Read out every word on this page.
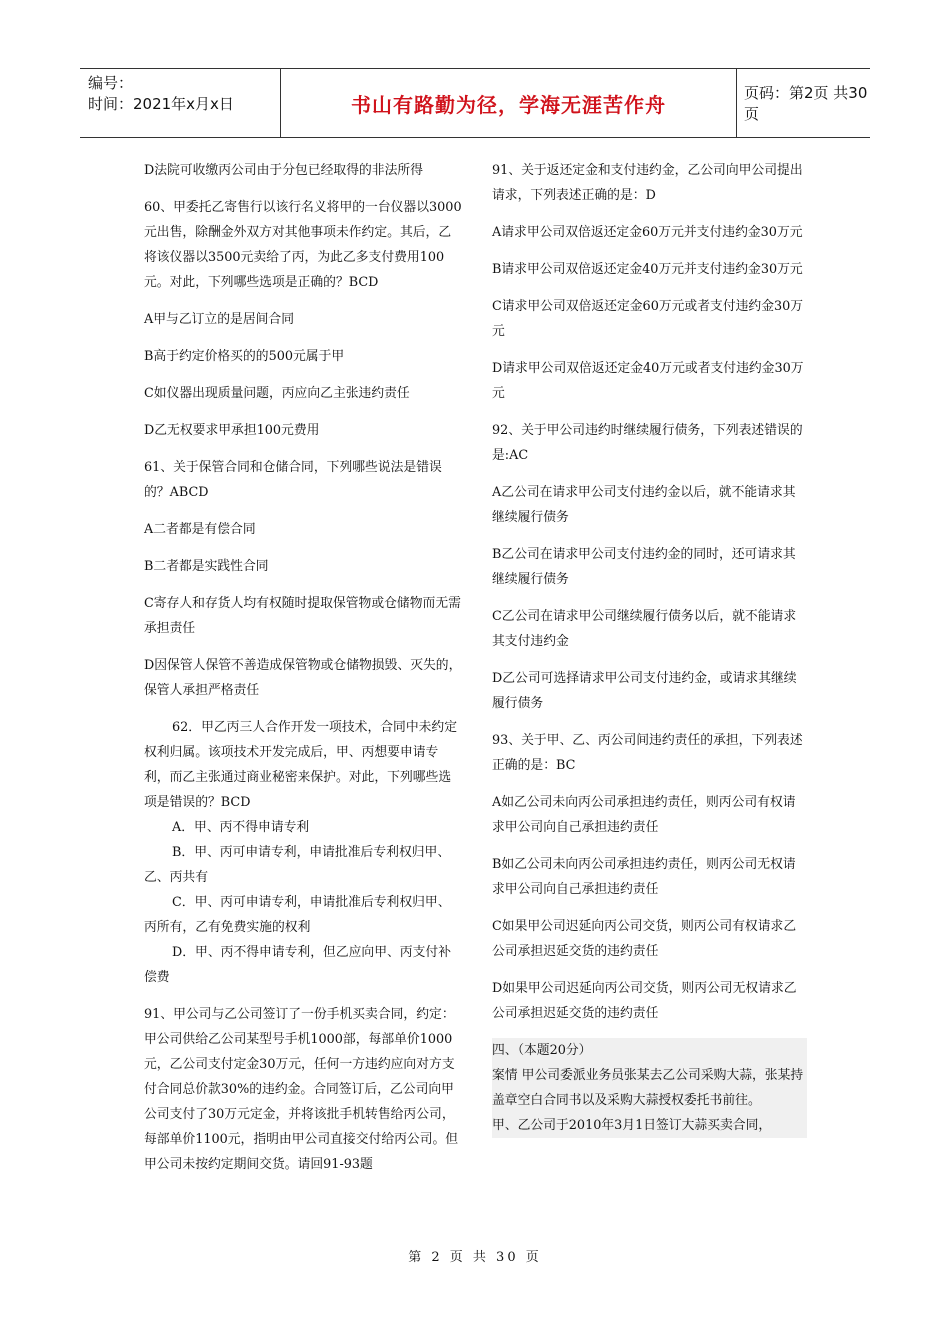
编号：
时间：2021年x月x日	书山有路勤为径，学海无涯苦作舟	页码：第2页 共30页

D法院可收缴丙公司由于分包已经取得的非法所得

60、甲委托乙寄售行以该行名义将甲的一台仪器以3000元出售，除酬金外双方对其他事项未作约定。其后，乙将该仪器以3500元卖给了丙，为此乙多支付费用100元。对此，下列哪些选项是正确的？BCD

A甲与乙订立的是居间合同

B高于约定价格买的的500元属于甲

C如仪器出现质量问题，丙应向乙主张违约责任

D乙无权要求甲承担100元费用

61、关于保管合同和仓储合同，下列哪些说法是错误的？ABCD

A二者都是有偿合同

B二者都是实践性合同

C寄存人和存货人均有权随时提取保管物或仓储物而无需承担责任

D因保管人保管不善造成保管物或仓储物损毁、灭失的，保管人承担严格责任

62．甲乙丙三人合作开发一项技术，合同中未约定权利归属。该项技术开发完成后，甲、丙想要申请专利，而乙主张通过商业秘密来保护。对此，下列哪些选项是错误的？BCD

A．甲、丙不得申请专利

B．甲、丙可申请专利，申请批准后专利权归甲、乙、丙共有

C．甲、丙可申请专利，申请批准后专利权归甲、丙所有，乙有免费实施的权利

D．甲、丙不得申请专利，但乙应向甲、丙支付补偿费

91、甲公司与乙公司签订了一份手机买卖合同，约定：甲公司供给乙公司某型号手机1000部，每部单价1000元，乙公司支付定金30万元，任何一方违约应向对方支付合同总价款30%的违约金。合同签订后，乙公司向甲公司支付了30万元定金，并将该批手机转售给丙公司，每部单价1100元，指明由甲公司直接交付给丙公司。但甲公司未按约定期间交货。请回91-93题

91、关于返还定金和支付违约金，乙公司向甲公司提出请求，下列表述正确的是：D

A请求甲公司双倍返还定金60万元并支付违约金30万元

B请求甲公司双倍返还定金40万元并支付违约金30万元

C请求甲公司双倍返还定金60万元或者支付违约金30万元

D请求甲公司双倍返还定金40万元或者支付违约金30万元

92、关于甲公司违约时继续履行债务，下列表述错误的是:AC

A乙公司在请求甲公司支付违约金以后，就不能请求其继续履行债务

B乙公司在请求甲公司支付违约金的同时，还可请求其继续履行债务

C乙公司在请求甲公司继续履行债务以后，就不能请求其支付违约金

D乙公司可选择请求甲公司支付违约金，或请求其继续履行债务

93、关于甲、乙、丙公司间违约责任的承担，下列表述正确的是：BC

A如乙公司未向丙公司承担违约责任，则丙公司有权请求甲公司向自己承担违约责任

B如乙公司未向丙公司承担违约责任，则丙公司无权请求甲公司向自己承担违约责任

C如果甲公司迟延向丙公司交货，则丙公司有权请求乙公司承担迟延交货的违约责任

D如果甲公司迟延向丙公司交货，则丙公司无权请求乙公司承担迟延交货的违约责任

四、（本题20分）

案情 甲公司委派业务员张某去乙公司采购大蒜，张某持盖章空白合同书以及采购大蒜授权委托书前往。

甲、乙公司于2010年3月1日签订大蒜买卖合同，

第 2 页 共 30 页
